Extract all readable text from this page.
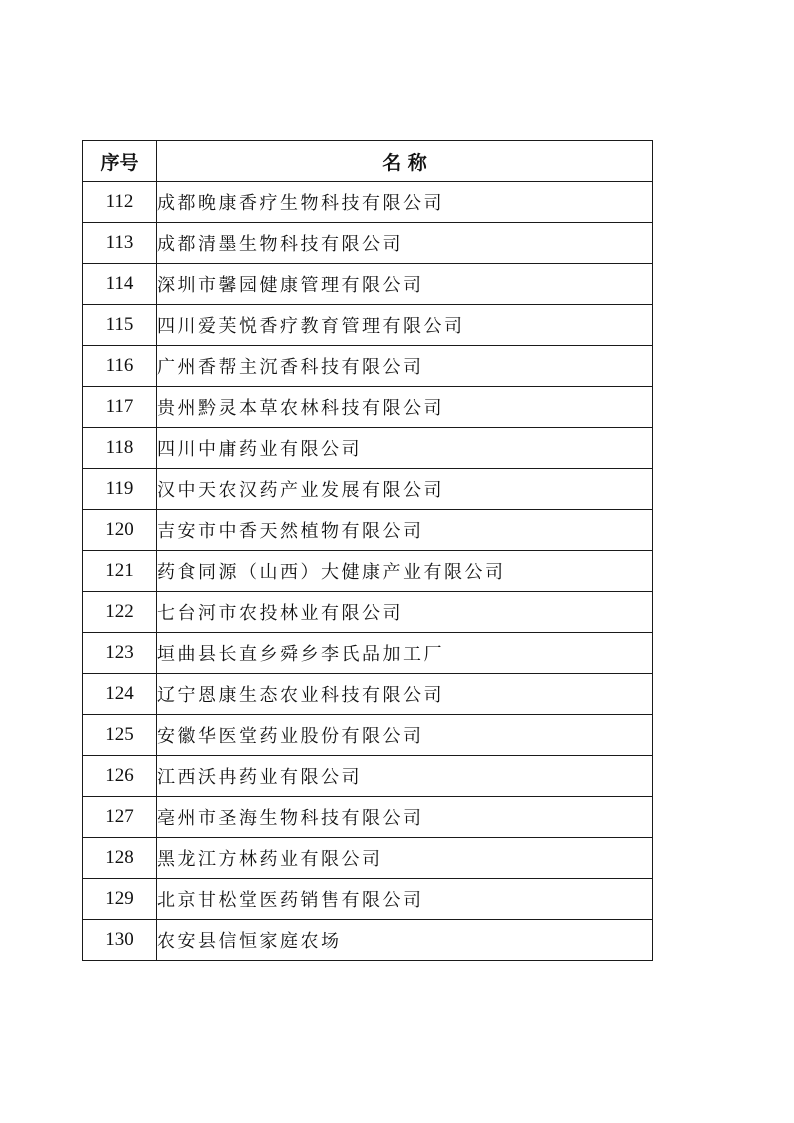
序号	名 称
112	成都晚康香疗生物科技有限公司
113	成都清墨生物科技有限公司
114	深圳市馨园健康管理有限公司
115	四川爱芙悦香疗教育管理有限公司
116	广州香帮主沉香科技有限公司
117	贵州黔灵本草农林科技有限公司
118	四川中庸药业有限公司
119	汉中天农汉药产业发展有限公司
120	吉安市中香天然植物有限公司
121	药食同源（山西）大健康产业有限公司
122	七台河市农投林业有限公司
123	垣曲县长直乡舜乡李氏品加工厂
124	辽宁恩康生态农业科技有限公司
125	安徽华医堂药业股份有限公司
126	江西沃冉药业有限公司
127	亳州市圣海生物科技有限公司
128	黑龙江方林药业有限公司
129	北京甘松堂医药销售有限公司
130	农安县信恒家庭农场
